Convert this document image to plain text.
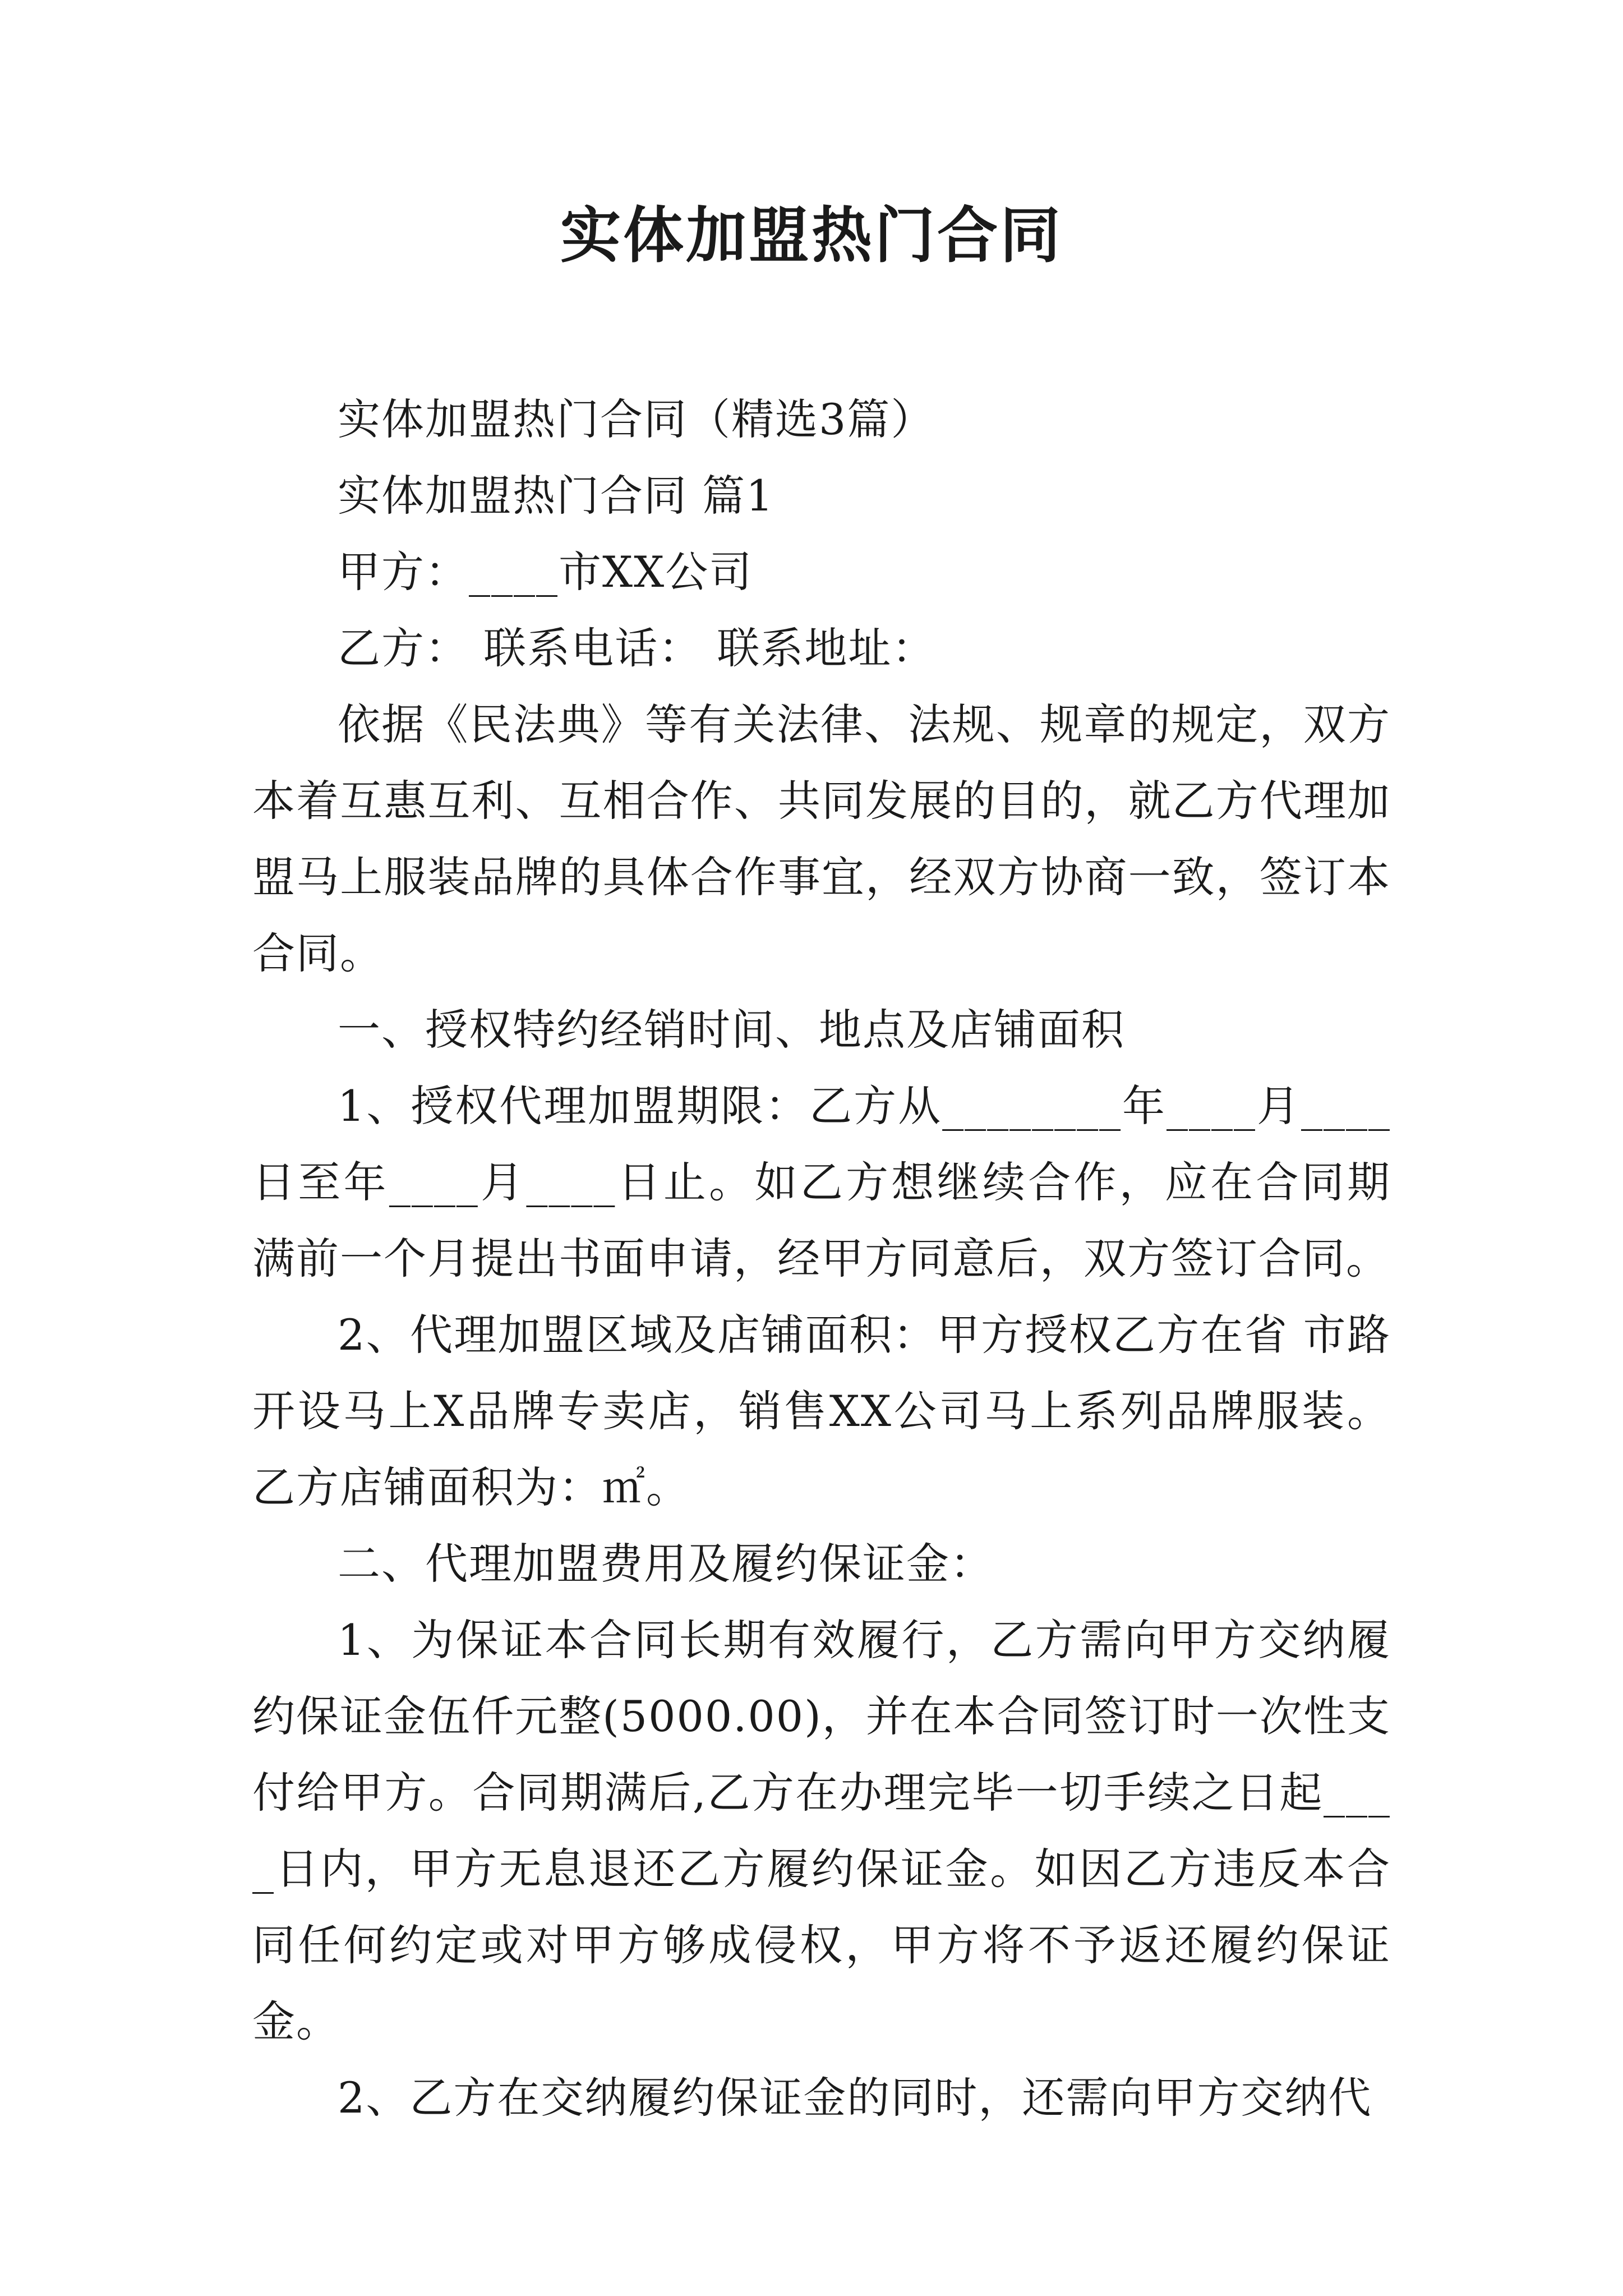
实体加盟热门合同

实体加盟热门合同（精选3篇）

实体加盟热门合同 篇1

甲方：____市XX公司

乙方： 联系电话： 联系地址：

依据《民法典》等有关法律、法规、规章的规定，双方本着互惠互利、互相合作、共同发展的目的，就乙方代理加盟马上服装品牌的具体合作事宜，经双方协商一致，签订本合同。

一、授权特约经销时间、地点及店铺面积

1、授权代理加盟期限：乙方从________年____月____日至年____月____日止。如乙方想继续合作，应在合同期满前一个月提出书面申请，经甲方同意后，双方签订合同。

2、代理加盟区域及店铺面积：甲方授权乙方在省 市路开设马上X品牌专卖店，销售XX公司马上系列品牌服装。乙方店铺面积为：㎡。

二、代理加盟费用及履约保证金：

1、为保证本合同长期有效履行，乙方需向甲方交纳履约保证金伍仟元整(5000.00)，并在本合同签订时一次性支付给甲方。合同期满后,乙方在办理完毕一切手续之日起____日内，甲方无息退还乙方履约保证金。如因乙方违反本合同任何约定或对甲方够成侵权，甲方将不予返还履约保证金。

2、乙方在交纳履约保证金的同时，还需向甲方交纳代
